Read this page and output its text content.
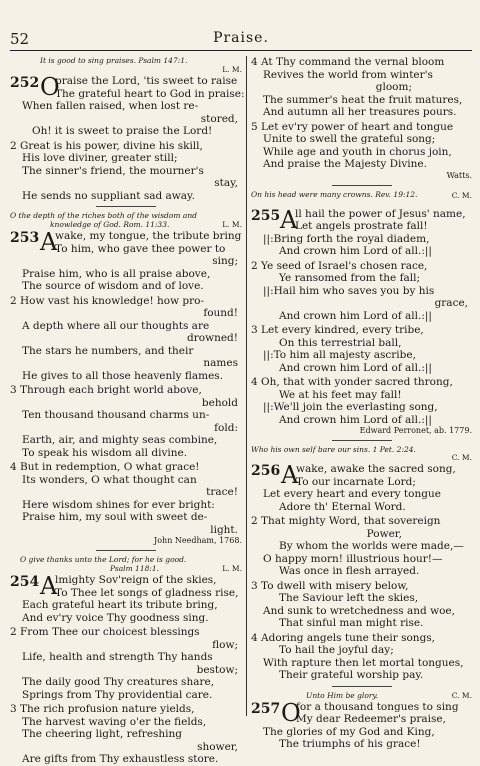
52	Praise.
It is good to sing praises. Psalm 147:1.
L. M.
252 O
praise the Lord, 'tis sweet to raise
The grateful heart to God in praise:
When fallen raised, when lost re-
stored,
Oh! it is sweet to praise the Lord!
2 Great is his power, divine his skill,
His love diviner, greater still;
The sinner's friend, the mourner's
stay,
He sends no suppliant sad away.
O the depth of the riches both of the wisdom and
knowledge of God. Rom. 11:33.	L. M.
253 A
wake, my tongue, the tribute bring
To him, who gave thee power to
sing;
Praise him, who is all praise above,
The source of wisdom and of love.
2 How vast his knowledge! how pro-
found!
A depth where all our thoughts are
drowned!
The stars he numbers, and their
names
He gives to all those heavenly flames.
3 Through each bright world above,
behold
Ten thousand thousand charms un-
fold:
Earth, air, and mighty seas combine,
To speak his wisdom all divine.
4 But in redemption, O what grace!
Its wonders, O what thought can
trace!
Here wisdom shines for ever bright:
Praise him, my soul with sweet de-
light.
John Needham, 1768.
O give thanks unto the Lord; for he is good.
Psalm 118:1.	L. M.
254 A
lmighty Sov'reign of the skies,
To Thee let songs of gladness rise,
Each grateful heart its tribute bring,
And ev'ry voice Thy goodness sing.
2 From Thee our choicest blessings
flow;
Life, health and strength Thy hands
bestow;
The daily good Thy creatures share,
Springs from Thy providential care.
3 The rich profusion nature yields,
The harvest waving o'er the fields,
The cheering light, refreshing
shower,
Are gifts from Thy exhaustless store.
4 At Thy command the vernal bloom
Revives the world from winter's
gloom;
The summer's heat the fruit matures,
And autumn all her treasures pours.
5 Let ev'ry power of heart and tongue
Unite to swell the grateful song;
While age and youth in chorus join,
And praise the Majesty Divine.
Watts.
On his head were many crowns. Rev. 19:12.	C. M.
255 A
ll hail the power of Jesus' name,
Let angels prostrate fall!
||:Bring forth the royal diadem,
And crown him Lord of all.:||
2 Ye seed of Israel's chosen race,
Ye ransomed from the fall;
||:Hail him who saves you by his
grace,
And crown him Lord of all.:||
3 Let every kindred, every tribe,
On this terrestrial ball,
||:To him all majesty ascribe,
And crown him Lord of all.:||
4 Oh, that with yonder sacred throng,
We at his feet may fall!
||:We'll join the everlasting song,
And crown him Lord of all.:||
Edward Perronet, ab. 1779.
Who his own self bare our sins. 1 Pet. 2:24.
C. M.
256 A
wake, awake the sacred song,
To our incarnate Lord;
Let every heart and every tongue
Adore th' Eternal Word.
2 That mighty Word, that sovereign
Power,
By whom the worlds were made,—
O happy morn! illustrious hour!—
Was once in flesh arrayed.
3 To dwell with misery below,
The Saviour left the skies,
And sunk to wretchedness and woe,
That sinful man might rise.
4 Adoring angels tune their songs,
To hail the joyful day;
With rapture then let mortal tongues,
Their grateful worship pay.
Unto Him be glory.	C. M.
257 O
for a thousand tongues to sing
My dear Redeemer's praise,
The glories of my God and King,
The triumphs of his grace!
